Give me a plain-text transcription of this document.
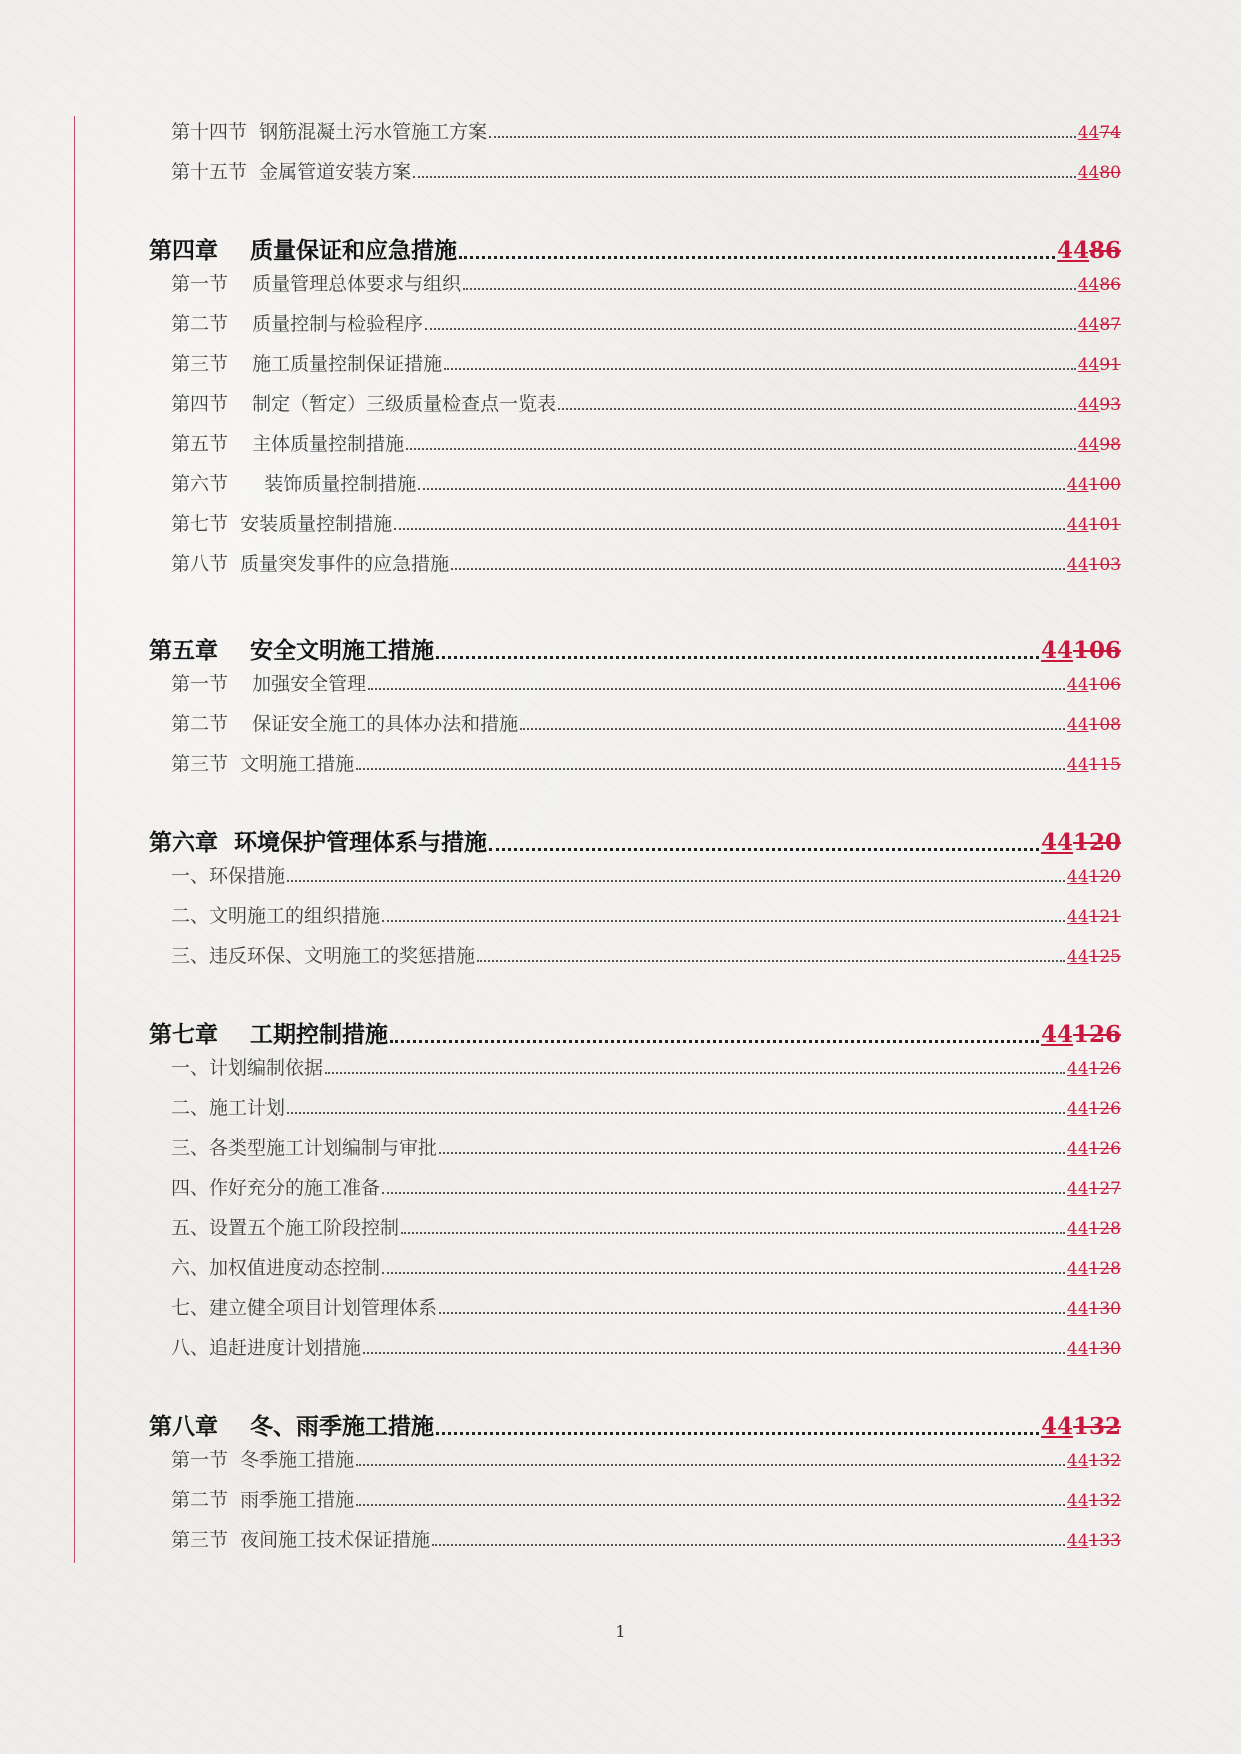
第十四节  钢筋混凝土污水管施工方案	4474
第十五节  金属管道安装方案	4480
第四章    质量保证和应急措施	4486
第一节    质量管理总体要求与组织	4486
第二节    质量控制与检验程序	4487
第三节    施工质量控制保证措施	4491
第四节    制定（暂定）三级质量检查点一览表	4493
第五节    主体质量控制措施	4498
第六节      装饰质量控制措施	44100
第七节  安装质量控制措施	44101
第八节  质量突发事件的应急措施	44103
第五章    安全文明施工措施	44106
第一节    加强安全管理	44106
第二节    保证安全施工的具体办法和措施	44108
第三节  文明施工措施	44115
第六章  环境保护管理体系与措施	44120
一、环保措施	44120
二、文明施工的组织措施	44121
三、违反环保、文明施工的奖惩措施	44125
第七章    工期控制措施	44126
一、计划编制依据	44126
二、施工计划	44126
三、各类型施工计划编制与审批	44126
四、作好充分的施工准备	44127
五、设置五个施工阶段控制	44128
六、加权值进度动态控制	44128
七、建立健全项目计划管理体系	44130
八、追赶进度计划措施	44130
第八章    冬、雨季施工措施	44132
第一节  冬季施工措施	44132
第二节  雨季施工措施	44132
第三节  夜间施工技术保证措施	44133
1
